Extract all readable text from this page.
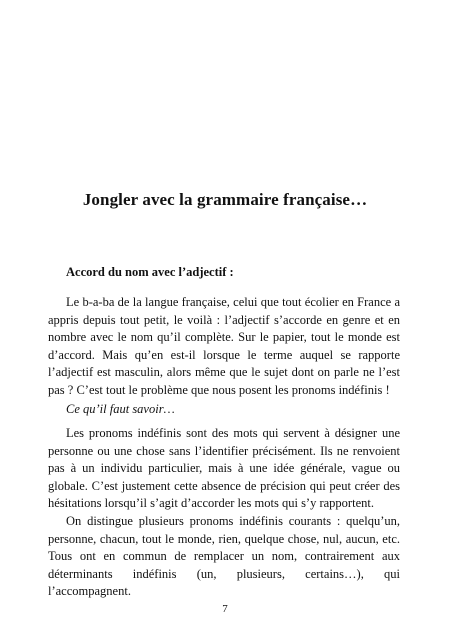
Jongler avec la grammaire française…
Accord du nom avec l’adjectif :

Le b-a-ba de la langue française, celui que tout écolier en France a appris depuis tout petit, le voilà : l’adjectif s’accorde en genre et en nombre avec le nom qu’il complète. Sur le papier, tout le monde est d’accord. Mais qu’en est-il lorsque le terme auquel se rapporte l’adjectif est masculin, alors même que le sujet dont on parle ne l’est pas ? C’est tout le problème que nous posent les pronoms indéfinis !

Ce qu’il faut savoir…

Les pronoms indéfinis sont des mots qui servent à désigner une personne ou une chose sans l’identifier précisément. Ils ne renvoient pas à un individu particulier, mais à une idée générale, vague ou globale. C’est justement cette absence de précision qui peut créer des hésitations lorsqu’il s’agit d’accorder les mots qui s’y rapportent.

On distingue plusieurs pronoms indéfinis courants : quelqu’un, personne, chacun, tout le monde, rien, quelque chose, nul, aucun, etc. Tous ont en commun de remplacer un nom, contrairement aux déterminants indéfinis (un, plusieurs, certains…), qui l’accompagnent.

7
